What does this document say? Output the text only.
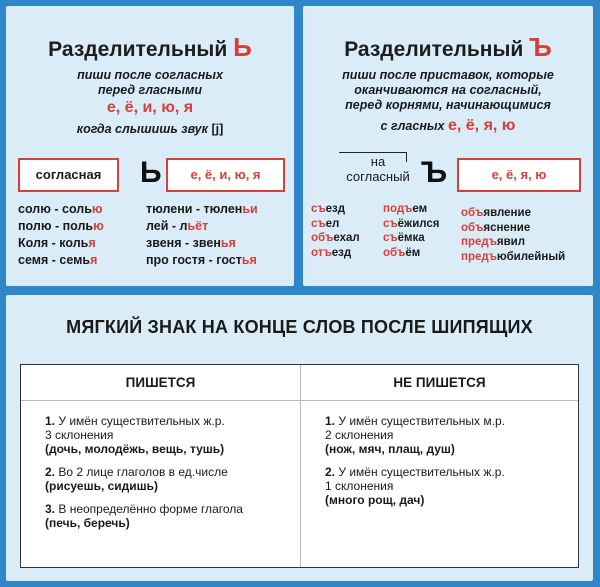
Разделительный Ь
пиши после согласных
перед гласными
е, ё, и, ю, я
когда слышишь звук [j]
согласная	Ь	е, ё, и, ю, я
солю - солью
полю - полью
Коля - колья
семя - семья
тюлени - тюленьи
лей - льёт
звеня - звенья
про гостя - гостья
Разделительный Ъ
пиши после приставок, которые
оканчиваются на согласный,
перед корнями, начинающимися
с гласных е, ё, я, ю
на
согласный Ъ	е, ё, я, ю
съезд
съел
объехал
отъезд
подъем
съёжился
съёмка
объём
объявление
объяснение
предъявил
предъюбилейный
МЯГКИЙ ЗНАК НА КОНЦЕ СЛОВ ПОСЛЕ ШИПЯЩИХ
ПИШЕТСЯ	НЕ ПИШЕТСЯ
1. У имён существительных ж.р.
3 склонения
(дочь, молодёжь, вещь, тушь)
2. Во 2 лице глаголов в ед.числе
(рисуешь, сидишь)
3. В неопределённо форме глагола
(печь, беречь)
1. У имён существительных м.р.
2 склонения
(нож, мяч, плащ, душ)
2. У имён существительных ж.р.
1 склонения
(много рощ, дач)
